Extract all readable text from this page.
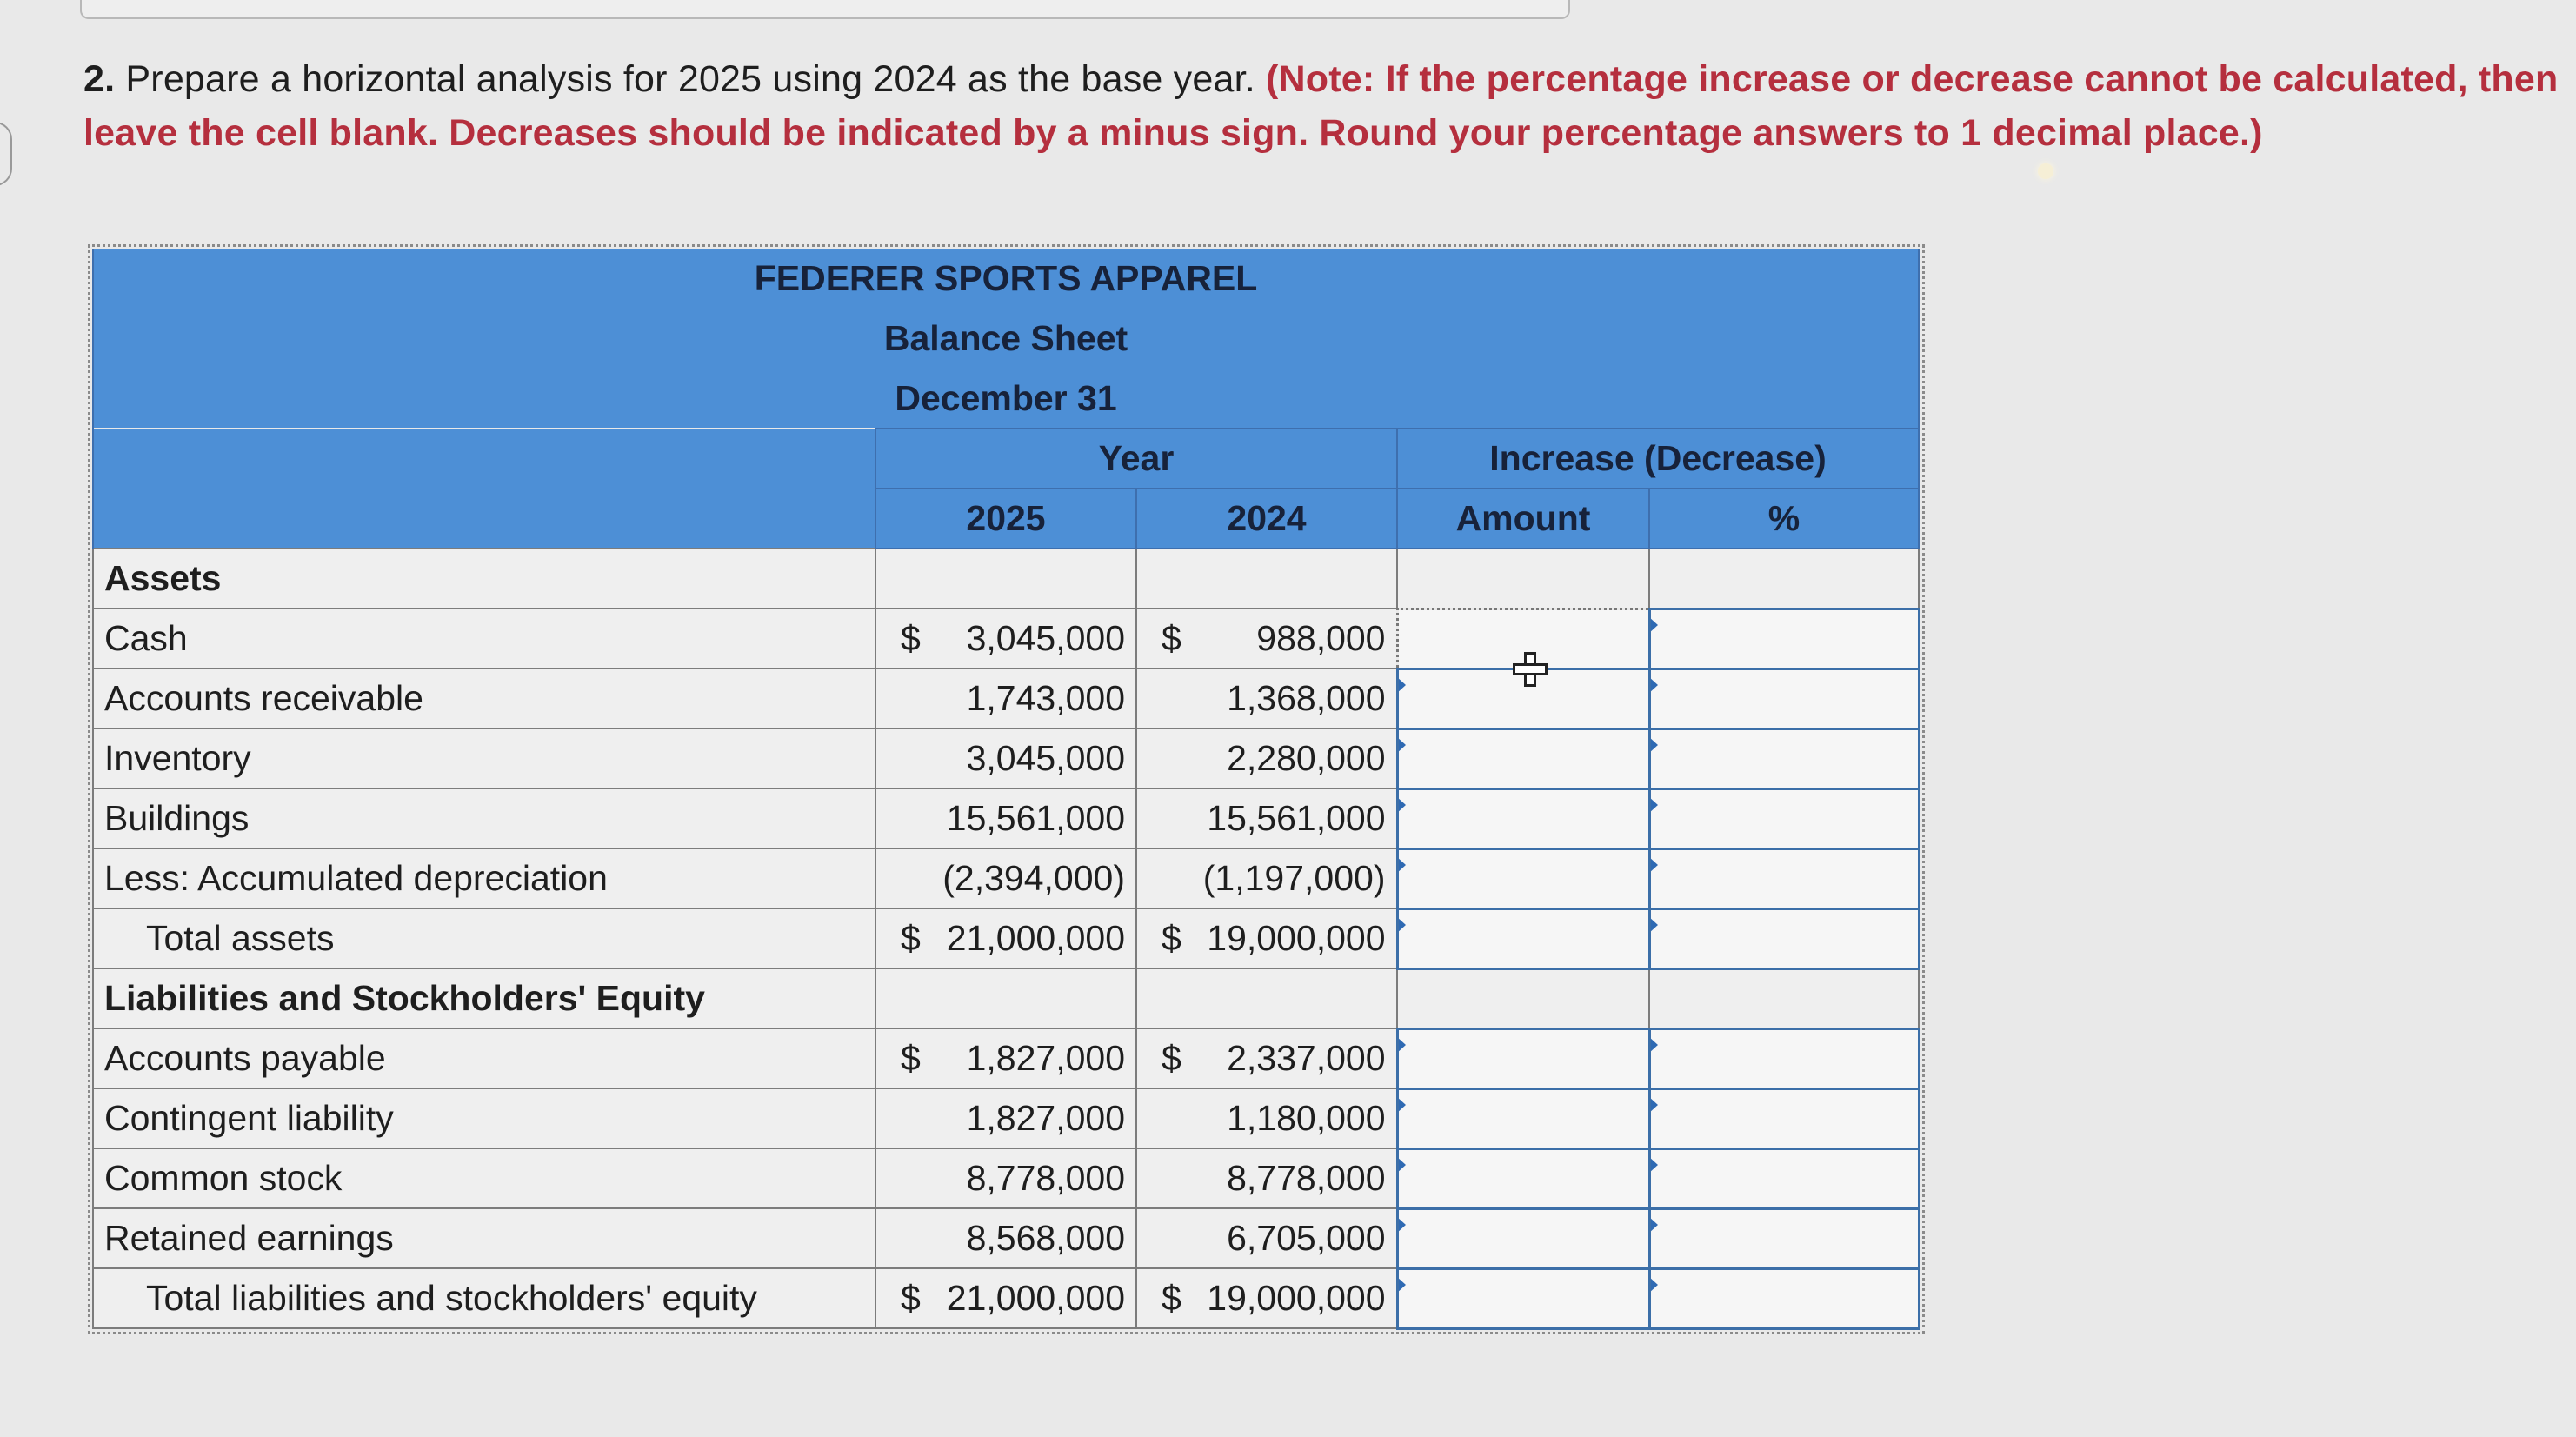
2. Prepare a horizontal analysis for 2025 using 2024 as the base year. (Note: If the percentage increase or decrease cannot be calculated, then leave the cell blank. Decreases should be indicated by a minus sign. Round your percentage answers to 1 decimal place.)
FEDERER SPORTS APPAREL				
Balance Sheet				
December 31				
	Year		Increase (Decrease)	
	2025	2024	Amount	%
Assets				
Cash	$ 3,045,000	$ 988,000		
Accounts receivable	1,743,000	1,368,000		
Inventory	3,045,000	2,280,000		
Buildings	15,561,000	15,561,000		
Less: Accumulated depreciation	(2,394,000)	(1,197,000)		
Total assets	$ 21,000,000	$ 19,000,000		
Liabilities and Stockholders' Equity				
Accounts payable	$ 1,827,000	$ 2,337,000		
Contingent liability	1,827,000	1,180,000		
Common stock	8,778,000	8,778,000		
Retained earnings	8,568,000	6,705,000		
Total liabilities and stockholders' equity	$ 21,000,000	$ 19,000,000		
